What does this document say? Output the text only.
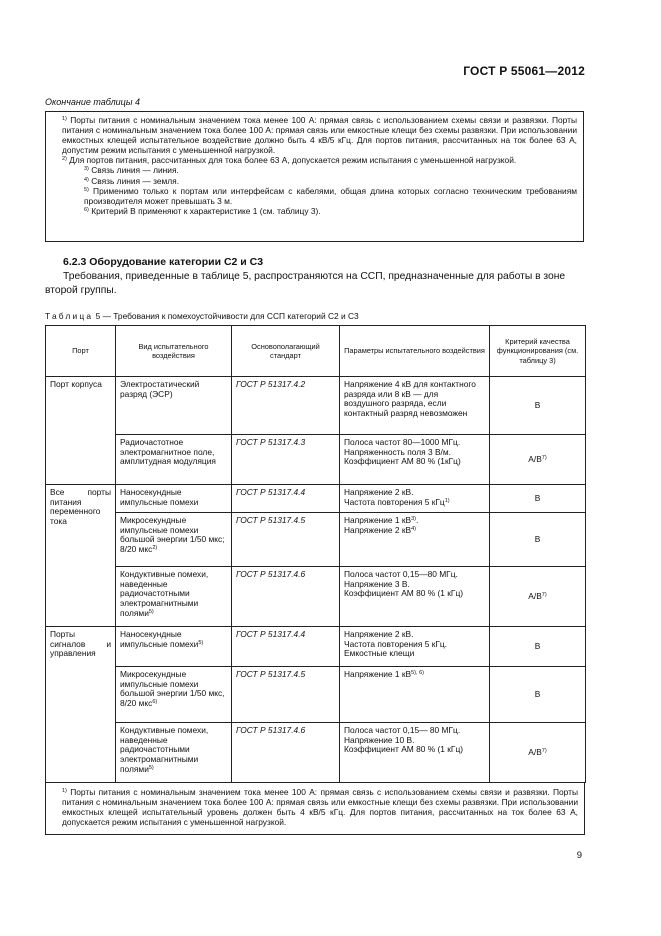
ГОСТ Р 55061—2012
Окончание таблицы 4

$^{1)}$ Порты питания с номинальным значением тока менее 100 А: прямая связь с использованием схемы связи и развязки. Порты питания с номинальным значением тока более 100 А: прямая связь или емкостные клещи без схемы развязки. При использовании емкостных клещей испытательное воздействие должно быть 4 кВ/5 кГц. Для портов питания, рассчитанных на ток более 63 А, допустим режим испытания с уменьшенной нагрузкой.

$^{2)}$ Для портов питания, рассчитанных для тока более 63 А, допускается режим испытания с уменьшенной нагрузкой.

$^{3)}$ Связь линия — линия.

$^{4)}$ Связь линия — земля.

$^{5)}$ Применимо только к портам или интерфейсам с кабелями, общая длина которых согласно техническим требованиям производителя может превышать 3 м.

$^{6)}$ Критерий В применяют к характеристике 1 (см. таблицу 3).

6.2.3 Оборудование категории С2 и С3

Требования, приведенные в таблице 5, распространяются на ССП, предназначенные для работы в зоне второй группы.

Таблица 5 — Требования к помехоустойчивости для ССП категорий С2 и С3
Порт	Вид испытательного воздействия	Основополагающий стандарт	Параметры испытательного воздействия	Критерий качества функционирования (см. таблицу 3)
Порт корпуса	Электростатический разряд (ЭСР)	ГОСТ Р 51317.4.2	Напряжение 4 кВ для контактного разряда или 8 кВ — для воздушного разряда, если контактный разряд невозможен	В
	Радиочастотное электромагнитное поле, амплитудная модуляция	ГОСТ Р 51317.4.3	Полоса частот 80—1000 МГц.
Напряженность поля 3 В/м.
Коэффициент АМ 80 % (1кГц)	$А/В^{7)}$
Все порты питания переменного тока	Наносекундные импульсные помехи	ГОСТ Р 51317.4.4	Напряжение 2 кВ.
Частота повторения 5 кГц$^{1)}$	В
	Микросекундные импульсные помехи большой энергии 1/50 мкс; 8/20 мкс$^{2)}$	ГОСТ Р 51317.4.5	Напряжение 1 $кВ^{3)}$.
Напряжение 2 $кВ^{4)}$	В
	Кондуктивные помехи, наведенные радиочастотными электромагнитными полями$^{5)}$	ГОСТ Р 51317.4.6	Полоса частот 0,15—80 МГц.
Напряжение 3 В.
Коэффициент АМ 80 % (1 кГц)	$А/В^{7)}$
Порты сигналов и управления	Наносекундные импульсные помехи$^{5)}$	ГОСТ Р 51317.4.4	Напряжение 2 кВ.
Частота повторения 5 кГц.
Емкостные клещи	В
	Микросекундные импульсные помехи большой энергии 1/50 мкс, 8/20 мкс$^{6)}$	ГОСТ Р 51317.4.5	Напряжение 1 $кВ^{5), 6)}$	В
	Кондуктивные помехи, наведенные радиочастотными электромагнитными полями$^{5)}$	ГОСТ Р 51317.4.6	Полоса частот 0,15— 80 МГц.
Напряжение 10 В.
Коэффициент АМ 80 % (1 кГц)	$А/В^{7)}$

$^{1)}$ Порты питания с номинальным значением тока менее 100 А: прямая связь с использованием схемы связи и развязки. Порты питания с номинальным значением тока более 100 А: прямая связь или емкостные клещи без схемы развязки. При использовании емкостных клещей испытательный уровень должен быть 4 кВ/5 кГц. Для портов питания, рассчитанных на ток более 63 А, допускается режим испытания с уменьшенной нагрузкой.

9
